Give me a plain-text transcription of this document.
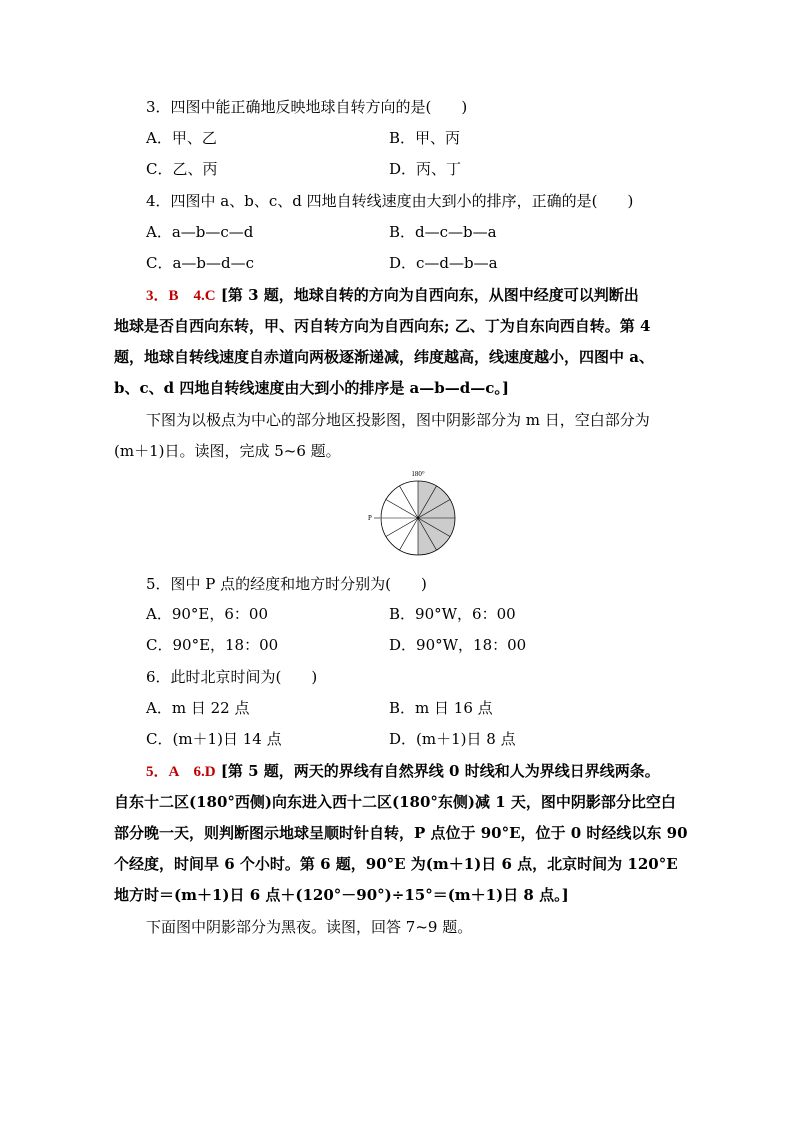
3．四图中能正确地反映地球自转方向的是(　　)
A．甲、乙	B．甲、丙
C．乙、丙	D．丙、丁
4．四图中 a、b、c、d 四地自转线速度由大到小的排序，正确的是(　　)
A．a—b—c—d	B．d—c—b—a
C．a—b—d—c	D．c—d—b—a
3．B　4.C [第 3 题，地球自转的方向为自西向东，从图中经度可以判断出
地球是否自西向东转，甲、丙自转方向为自西向东; 乙、丁为自东向西自转。第 4
题，地球自转线速度自赤道向两极逐渐递减，纬度越高，线速度越小，四图中 a、
b、c、d 四地自转线速度由大到小的排序是 a—b—d—c。]
下图为以极点为中心的部分地区投影图，图中阴影部分为 m 日，空白部分为
(m＋1)日。读图，完成 5~6 题。
180°
P
5．图中 P 点的经度和地方时分别为(　　)
A．90°E，6：00	B．90°W，6：00
C．90°E，18：00	D．90°W，18：00
6．此时北京时间为(　　)
A．m 日 22 点	B．m 日 16 点
C．(m＋1)日 14 点	D．(m＋1)日 8 点
5．A　6.D [第 5 题，两天的界线有自然界线 0 时线和人为界线日界线两条。
自东十二区(180°西侧)向东进入西十二区(180°东侧)减 1 天，图中阴影部分比空白
部分晚一天，则判断图示地球呈顺时针自转，P 点位于 90°E，位于 0 时经线以东 90
个经度，时间早 6 个小时。第 6 题，90°E 为(m＋1)日 6 点，北京时间为 120°E
地方时＝(m＋1)日 6 点＋(120°－90°)÷15°＝(m＋1)日 8 点。]
下面图中阴影部分为黑夜。读图，回答 7~9 题。
